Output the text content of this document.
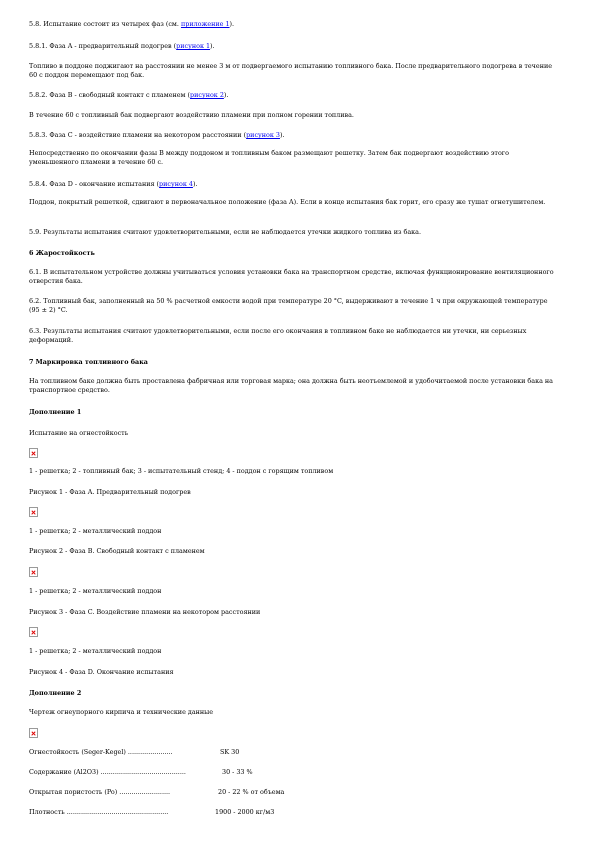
5.8. Испытание состоит из четырех фаз (см. приложение 1).

5.8.1. Фаза A - предварительный подогрев (рисунок 1).

Топливо в поддоне поджигают на расстоянии не менее 3 м от подвергаемого испытанию топливного бака. После предварительного подогрева в течение 60 с поддон перемещают под бак.

5.8.2. Фаза B - свободный контакт с пламенем (рисунок 2).

В течение 60 с топливный бак подвергают воздействию пламени при полном горении топлива.

5.8.3. Фаза C - воздействие пламени на некотором расстоянии (рисунок 3).

Непосредственно по окончании фазы B между поддоном и топливным баком размещают решетку. Затем бак подвергают воздействию этого уменьшенного пламени в течение 60 с.

5.8.4. Фаза D - окончание испытания (рисунок 4).

Поддон, покрытый решеткой, сдвигают в первоначальное положение (фаза A). Если в конце испытания бак горит, его сразу же тушат огнетушителем.

5.9. Результаты испытания считают удовлетворительными, если не наблюдается утечки жидкого топлива из бака.

6 Жаростойкость

6.1. В испытательном устройстве должны учитываться условия установки бака на транспортном средстве, включая функционирование вентиляционного отверстия бака.

6.2. Топливный бак, заполненный на 50 % расчетной емкости водой при температуре 20 °C, выдерживают в течение 1 ч при окружающей температуре (95 ± 2) °C.

6.3. Результаты испытания считают удовлетворительными, если после его окончания в топливном баке не наблюдается ни утечки, ни серьезных деформаций.

7 Маркировка топливного бака

На топливном баке должна быть проставлена фабричная или торговая марка; она должна быть неотъемлемой и удобочитаемой после установки бака на транспортное средство.

Дополнение 1

Испытание на огнестойкость

1 - решетка; 2 - топливный бак; 3 - испытательный стенд; 4 - поддон с горящим топливом

Рисунок 1 - Фаза A. Предварительный подогрев

1 - решетка; 2 - металлический поддон

Рисунок 2 - Фаза B. Свободный контакт с пламенем

1 - решетка; 2 - металлический поддон

Рисунок 3 - Фаза C. Воздействие пламени на некотором расстоянии

1 - решетка; 2 - металлический поддон

Рисунок 4 - Фаза D. Окончание испытания

Дополнение 2

Чертеж огнеупорного кирпича и технические данные

Огнестойкость (Seger-Kegel) ......................	SK 30
Содержание (Al2O3) ..........................................	30 - 33 %
Открытая пористость (Po) .........................	20 - 22 % от объема
Плотность ..................................................	1900 - 2000 кг/м3
